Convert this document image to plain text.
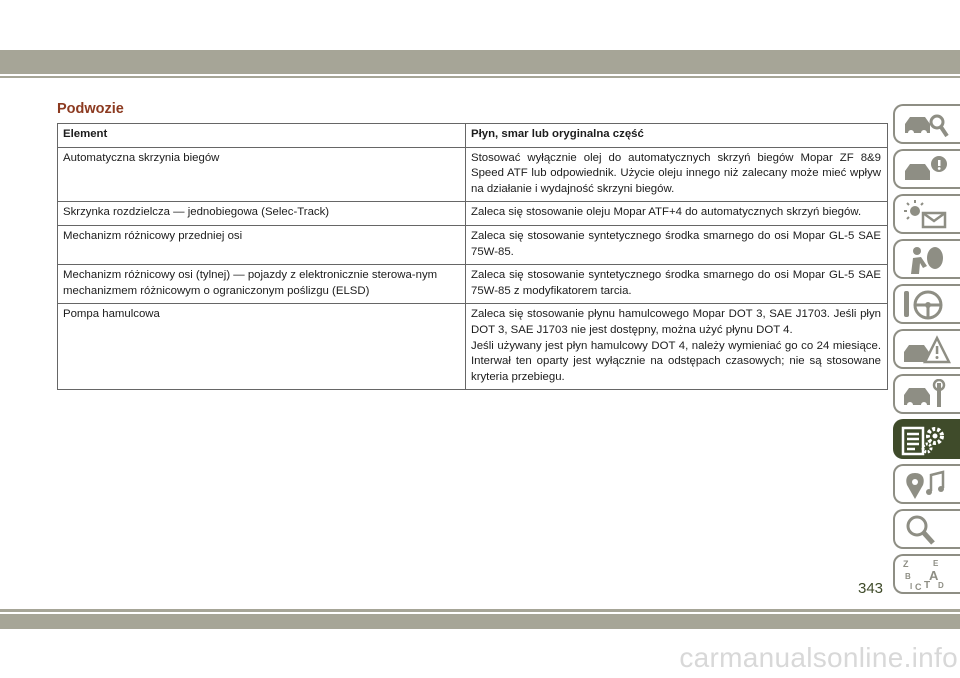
Podwozie
Element	Płyn, smar lub oryginalna część
Automatyczna skrzynia biegów	Stosować wyłącznie olej do automatycznych skrzyń biegów Mopar ZF 8&9 Speed ATF lub odpowiednik. Użycie oleju innego niż zalecany może mieć wpływ na działanie i wydajność skrzyni biegów.
Skrzynka rozdzielcza — jednobiegowa (Selec-Track)	Zaleca się stosowanie oleju Mopar ATF+4 do automatycznych skrzyń biegów.
Mechanizm różnicowy przedniej osi	Zaleca się stosowanie syntetycznego środka smarnego do osi Mopar GL-5 SAE 75W-85.
Mechanizm różnicowy osi (tylnej) — pojazdy z elektronicznie sterowa-nym mechanizmem różnicowym o ograniczonym poślizgu (ELSD)	Zaleca się stosowanie syntetycznego środka smarnego do osi Mopar GL-5 SAE 75W-85 z modyfikatorem tarcia.
Pompa hamulcowa	Zaleca się stosowanie płynu hamulcowego Mopar DOT 3, SAE J1703. Jeśli płyn DOT 3, SAE J1703 nie jest dostępny, można użyć płynu DOT 4.
Jeśli używany jest płyn hamulcowy DOT 4, należy wymieniać go co 24 miesiące. Interwał ten oparty jest wyłącznie na odstępach czasowych; nie są stosowane kryteria przebiegu.
Z	E
B A
C T D
I
343
carmanualsonline.info
